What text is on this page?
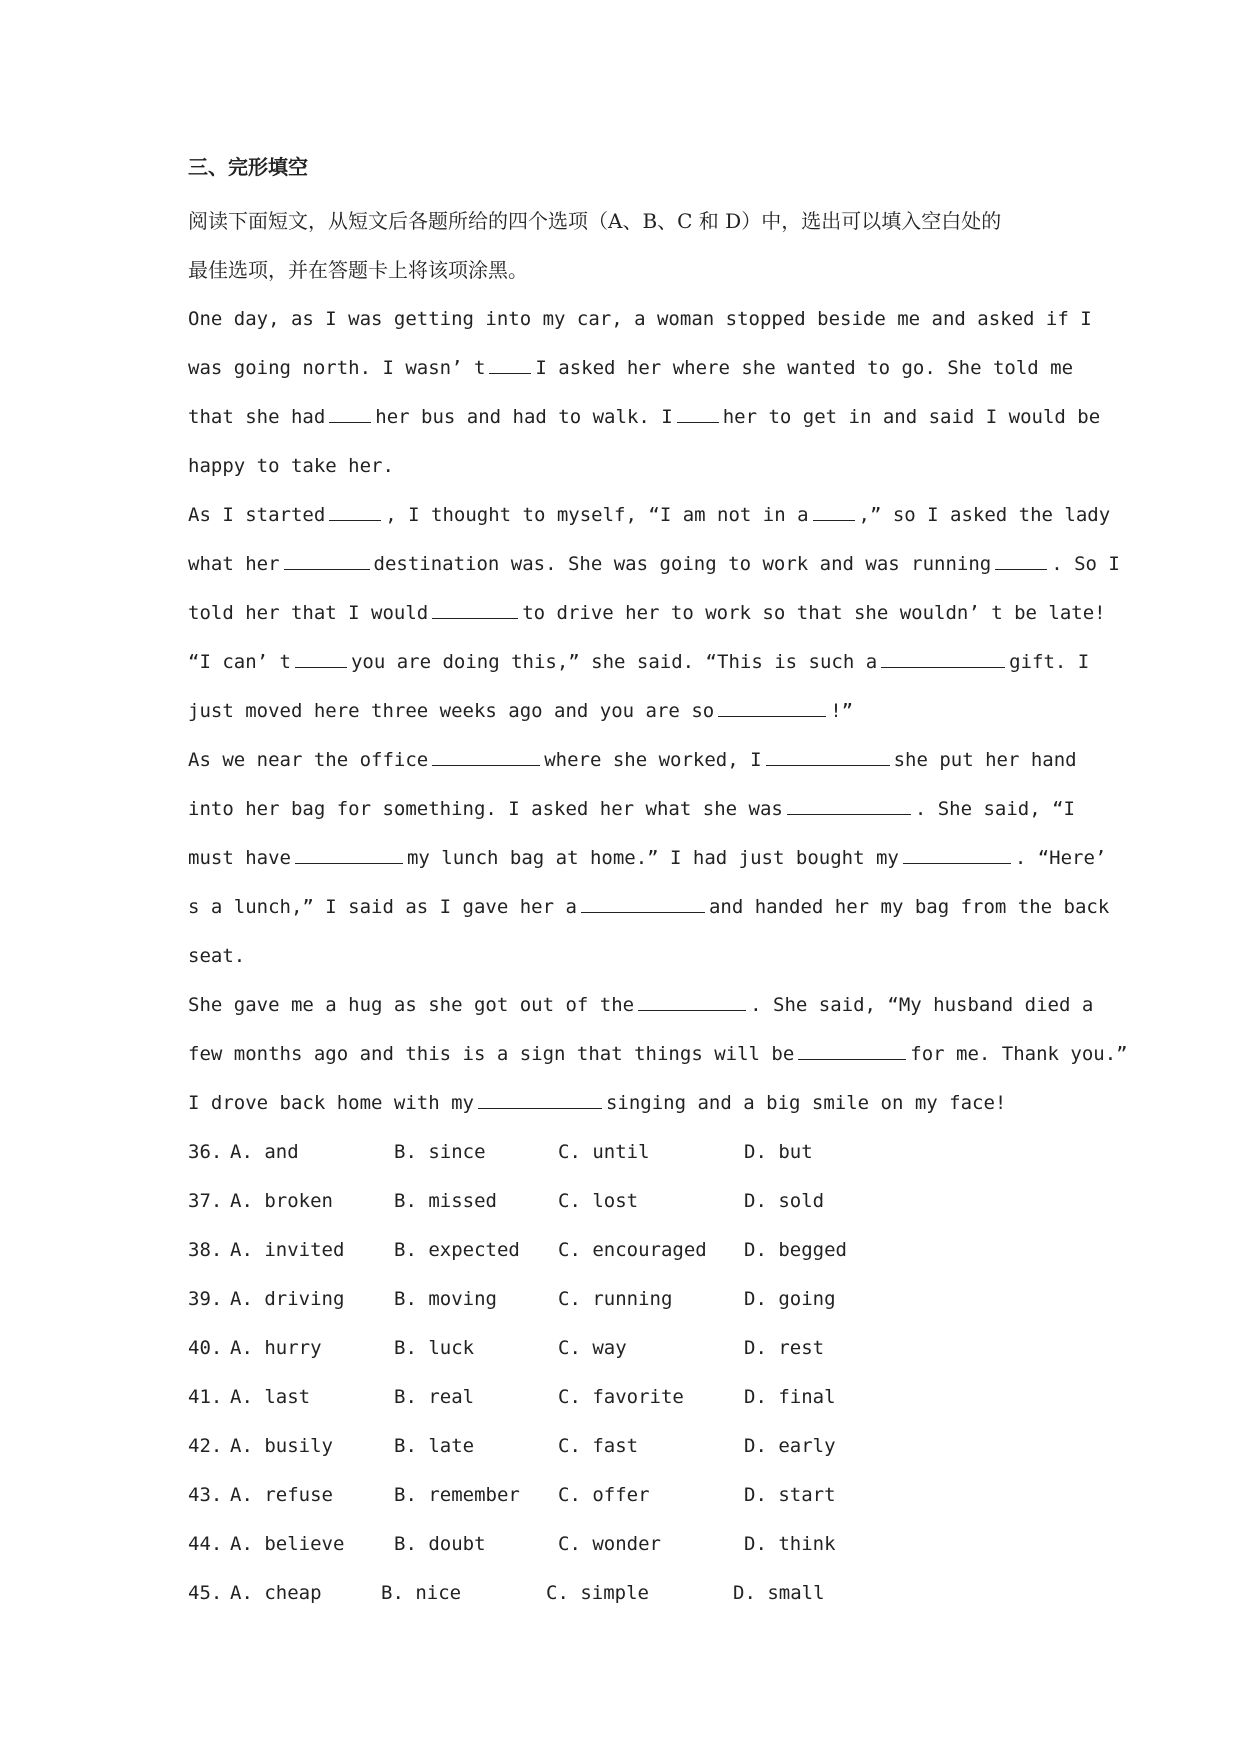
三、完形填空

阅读下面短文，从短文后各题所给的四个选项（A、B、C 和 D）中，选出可以填入空白处的

最佳选项，并在答题卡上将该项涂黑。

One day, as I was getting into my car, a woman stopped beside me and asked if I was going north. I wasn’ t	I asked her where she wanted to go. She told me that she had	her bus and had to walk. I	her to get in and said I would be happy to take her.

As I started	, I thought to myself, “I am not in a	,” so I asked the lady what her	destination was. She was going to work and was running	. So I told her that I would	to drive her to work so that she wouldn’ t be late!

“I can’ t	you are doing this,” she said. “This is such a	gift. I just moved here three weeks ago and you are so	!”

As we near the office	where she worked, I	she put her hand into her bag for something. I asked her what she was	. She said, “I must have	my lunch bag at home.” I had just bought my	. “Here’ s a lunch,” I said as I gave her a	and handed her my bag from the back seat.

She gave me a hug as she got out of the	. She said, “My husband died a few months ago and this is a sign that things will be	for me. Thank you.” I drove back home with my	singing and a big smile on my face!

36. A. and	B. since	C. until	D. but
37. A. broken	B. missed	C. lost	D. sold
38. A. invited	B. expected C. encouraged D. begged
39. A. driving	B. moving	C. running	D. going
40. A. hurry	B. luck	C. way	D. rest
41. A. last	B. real	C. favorite	D. final
42. A. busily	B. late	C. fast	D. early
43. A. refuse	B. remember C. offer	D. start
44. A. believe	B. doubt	C. wonder	D. think
45. A. cheap	B. nice	C. simple	D. small
